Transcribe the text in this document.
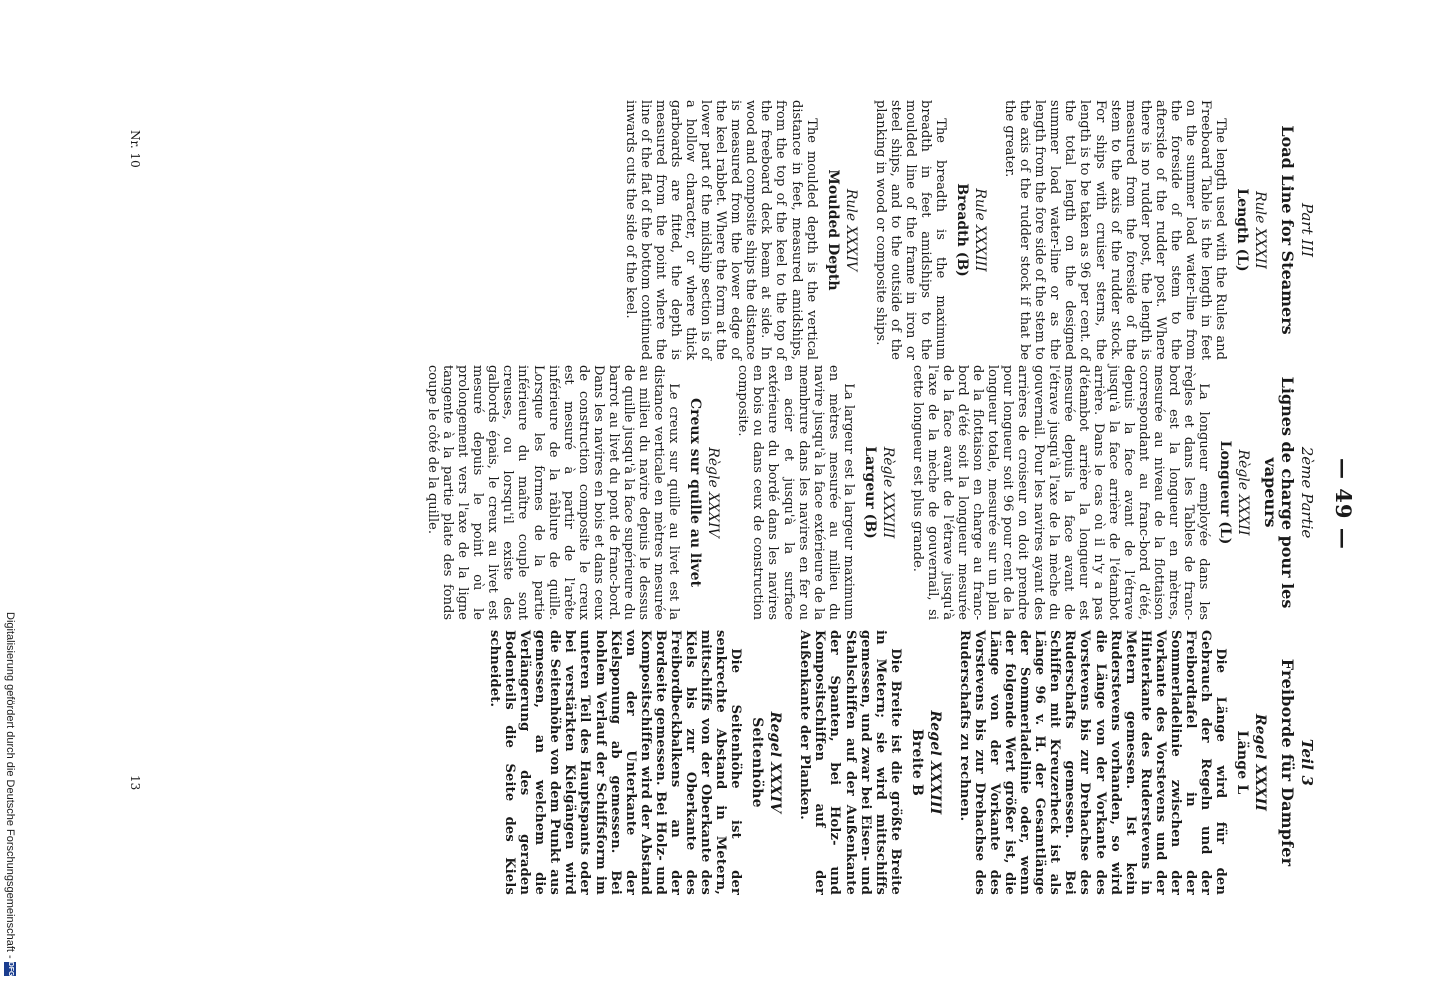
— 49 —

Part III

Load Line for Steamers

Rule XXXII

Length (L)

The length used with the Rules and Freeboard Table is the length in feet on the summer load water-line from the foreside of the stem to the afterside of the rudder post. Where there is no rudder post, the length is measured from the foreside of the stem to the axis of the rudder stock. For ships with cruiser sterns, the length is to be taken as 96 per cent. of the total length on the designed summer load water-line or as the length from the fore side of the stem to the axis of the rudder stock if that be the greater.

Rule XXXIII

Breadth (B)

The breadth is the maximum breadth in feet amidships to the moulded line of the frame in iron or steel ships, and to the outside of the planking in wood or composite ships.

Rule XXXIV

Moulded Depth

The moulded depth is the vertical distance in feet, measured amidships, from the top of the keel to the top of the freeboard deck beam at side. In wood and composite ships the distance is measured from the lower edge of the keel rabbet. Where the form at the lower part of the midship section is of a hollow character, or where thick garboards are fitted, the depth is measured from the point where the line of the flat of the bottom continued inwards cuts the side of the keel.

2ème Partie

Lignes de charge pour les vapeurs

Règle XXXII

Longueur (L)

La longueur employée dans les règles et dans les Tables de franc-bord est la longueur en mètres, mesurée au niveau de la flottaison correspondant au franc-bord d'été, depuis la face avant de l'étrave jusqu'à la face arrière de l'étambot arrière. Dans le cas où il n'y a pas d'étambot arrière la longueur est mesurée depuis la face avant de l'étrave jusqu'à l'axe de la mèche du gouvernail. Pour les navires ayant des arrières de croiseur on doit prendre pour longueur soit 96 pour cent de la longueur totale, mesurée sur un plan de la flottaison en charge au franc-bord d'été soit la longueur mesurée de la face avant de l'étrave jusqu'à l'axe de la mèche de gouvernail, si cette longueur est plus grande.

Règle XXXIII

Largeur (B)

La largeur est la largeur maximum en mètres mesurée au milieu du navire jusqu'à la face extérieure de la membrure dans les navires en fer ou en acier et jusqu'à la surface extérieure du bordé dans les navires en bois ou dans ceux de construction composite.

Règle XXXIV

Creux sur quille au livet

Le creux sur quille au livet est la distance verticale en mètres mesurée au milieu du navire depuis le dessus de quille jusqu'à la face supérieure du barrot au livet du pont de franc-bord. Dans les navires en bois et dans ceux de construction composite le creux est mesuré à partir de l'arête inférieure de la râblure de quille. Lorsque les formes de la partie inférieure du maître couple sont creuses, ou lorsqu'il existe des galbords épais, le creux au livet est mesuré depuis le point où le prolongement vers l'axe de la ligne tangente à la partie plate des fonds coupe le côté de la quille.

Teil 3

Freiborde für Dampfer

Regel XXXII

Länge L

Die Länge wird für den Gebrauch der Regeln und der Freibordtafel in der Sommerladelinie zwischen der Vorkante des Vorstevens und der Hinterkante des Ruderstevens in Metern gemessen. Ist kein Ruderstevens vorhanden, so wird die Länge von der Vorkante des Vorstevens bis zur Drehachse des Ruderschafts gemessen. Bei Schiffen mit Kreuzerheck ist als Länge 96 v. H. der Gesamtlänge der Sommerladelinie oder, wenn der folgende Wert größer ist, die Länge von der Vorkante des Vorstevens bis zur Drehachse des Ruderschafts zu rechnen.

Regel XXXIII

Breite B

Die Breite ist die größte Breite in Metern; sie wird mittschiffs gemessen, und zwar bei Eisen- und Stahlschiffen auf der Außenkante der Spanten, bei Holz- und Kompositschiffen auf der Außenkante der Planken.

Regel XXXIV

Seitenhöhe

Die Seitenhöhe ist der senkrechte Abstand in Metern, mittschiffs von der Oberkante des Kiels bis zur Oberkante des Freibordbeckbalkens an der Bordseite gemessen. Bei Holz- und Kompositschiffen wird der Abstand von der Unterkante der Kielsponung ab gemessen. Bei hohlem Verlauf der Schiffsform im unteren Teil des Hauptspants oder bei verstärkten Kielgängen wird die Seitenhöhe von dem Punkt aus gemessen, an welchem die Verlängerung des geraden Bodenteils die Seite des Kiels schneidet.

Nr. 10
13
Digitalisierung gefördert durch die Deutsche Forschungsgemeinschaft -DFG
